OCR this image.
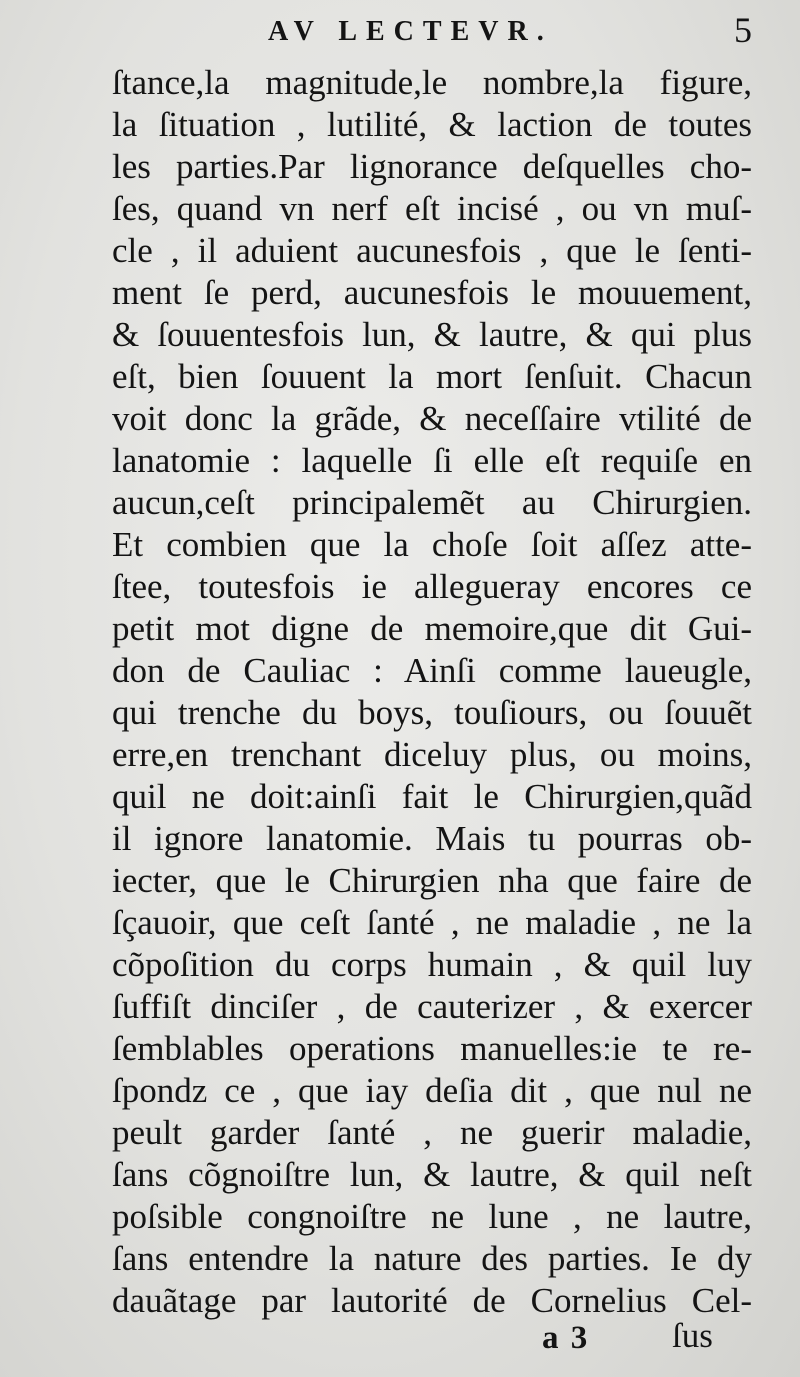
AV LECTEVR.	5
ſtance,la magnitude,le nombre,la figure,
la ſituation , lutilité, & laction de toutes
les parties.Par lignorance deſquelles cho-
ſes, quand vn nerf eſt incisé , ou vn muſ-
cle , il aduient aucunesfois , que le ſenti-
ment ſe perd, aucunesfois le mouuement,
& ſouuentesfois lun, & lautre, & qui plus
eſt, bien ſouuent la mort ſenſuit. Chacun
voit donc la grãde, & neceſſaire vtilité de
lanatomie : laquelle ſi elle eſt requiſe en
aucun,ceſt principalemẽt au Chirurgien.
Et combien que la choſe ſoit aſſez atte-
ſtee, toutesfois ie allegueray encores ce
petit mot digne de memoire,que dit Gui-
don de Cauliac : Ainſi comme laueugle,
qui trenche du boys, touſiours, ou ſouuẽt
erre,en trenchant diceluy plus, ou moins,
quil ne doit:ainſi fait le Chirurgien,quãd
il ignore lanatomie. Mais tu pourras ob-
iecter, que le Chirurgien nha que faire de
ſçauoir, que ceſt ſanté , ne maladie , ne la
cõpoſition du corps humain , & quil luy
ſuffiſt dinciſer , de cauterizer , & exercer
ſemblables operations manuelles:ie te re-
ſpondz ce , que iay deſia dit , que nul ne
peult garder ſanté , ne guerir maladie,
ſans cõgnoiſtre lun, & lautre, & quil neſt
poſsible congnoiſtre ne lune , ne lautre,
ſans entendre la nature des parties. Ie dy
dauãtage par lautorité de Cornelius Cel-
a 3 ſus
